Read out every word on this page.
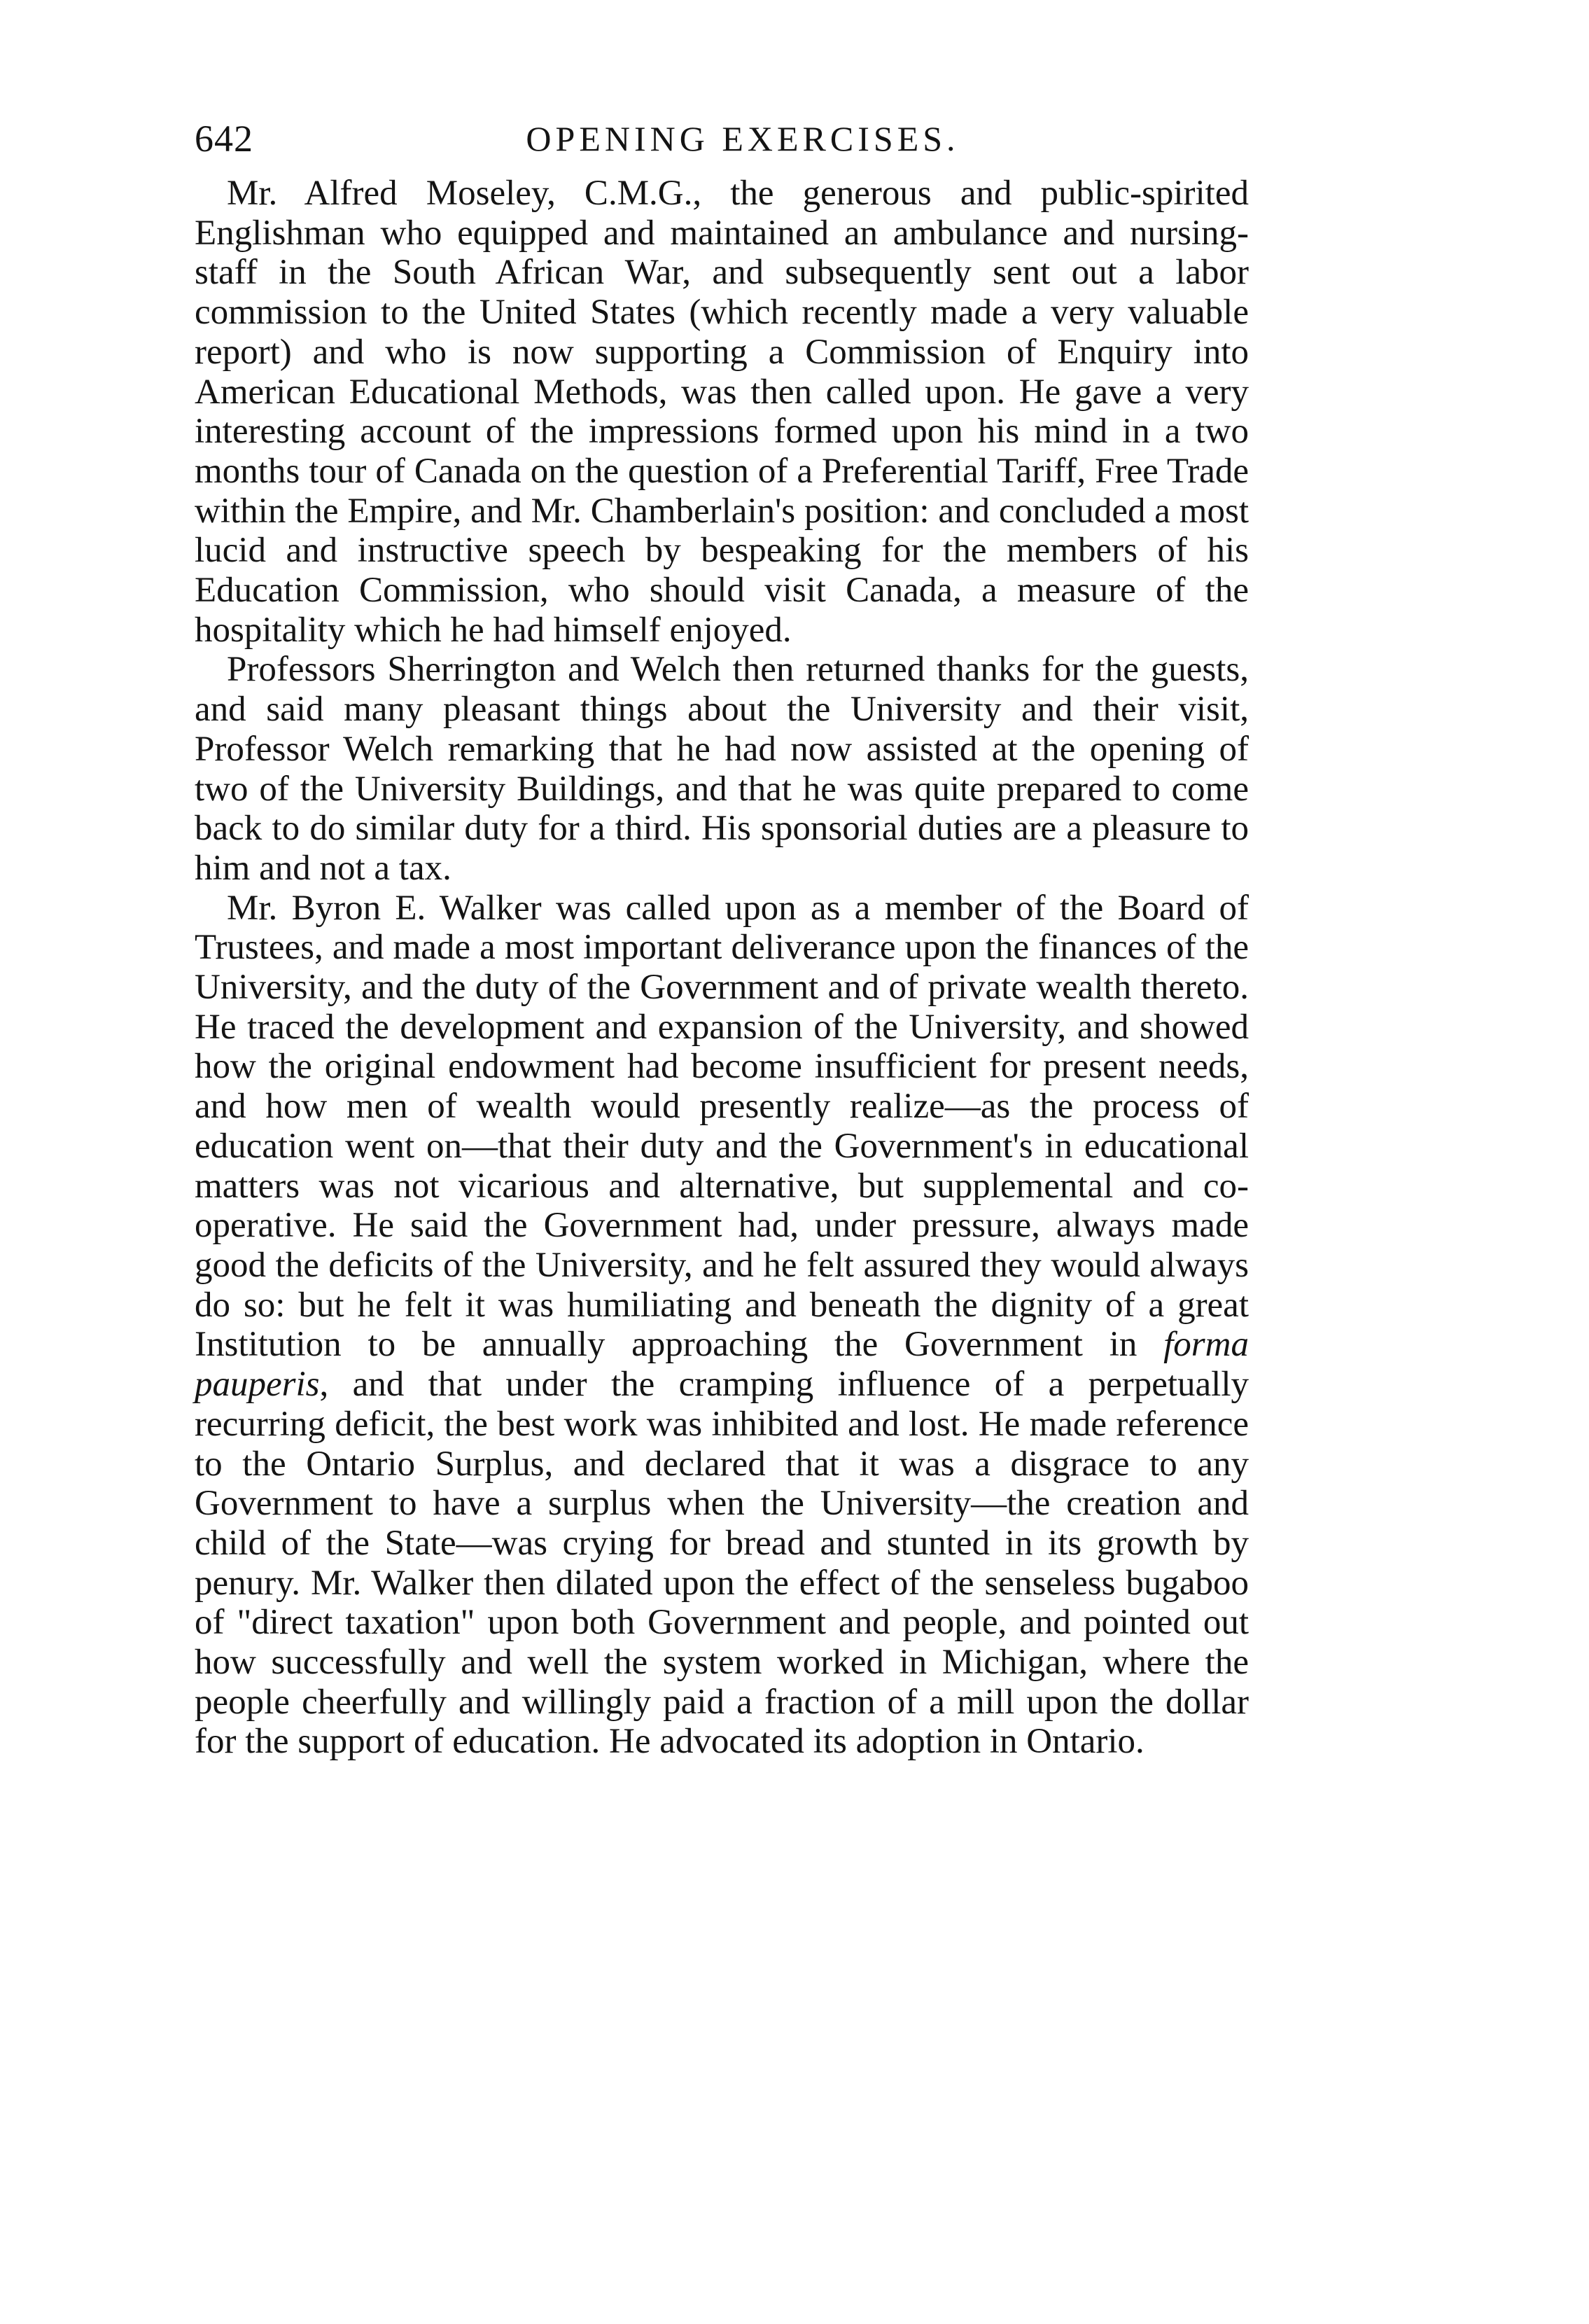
642	OPENING EXERCISES.

Mr. Alfred Moseley, C.M.G., the generous and public-spirited Englishman who equipped and maintained an ambulance and nursing-staff in the South African War, and subsequently sent out a labor commission to the United States (which recently made a very valuable report) and who is now supporting a Commission of Enquiry into American Educational Methods, was then called upon. He gave a very interesting account of the impressions formed upon his mind in a two months tour of Canada on the question of a Preferential Tariff, Free Trade within the Empire, and Mr. Chamberlain's position: and concluded a most lucid and instructive speech by bespeaking for the members of his Education Commission, who should visit Canada, a measure of the hospitality which he had himself enjoyed.

Professors Sherrington and Welch then returned thanks for the guests, and said many pleasant things about the University and their visit, Professor Welch remarking that he had now assisted at the opening of two of the University Buildings, and that he was quite prepared to come back to do similar duty for a third. His sponsorial duties are a pleasure to him and not a tax.

Mr. Byron E. Walker was called upon as a member of the Board of Trustees, and made a most important deliverance upon the finances of the University, and the duty of the Government and of private wealth thereto. He traced the development and expansion of the University, and showed how the original endowment had become insufficient for present needs, and how men of wealth would presently realize—as the process of education went on—that their duty and the Government's in educational matters was not vicarious and alternative, but supplemental and co-operative. He said the Government had, under pressure, always made good the deficits of the University, and he felt assured they would always do so: but he felt it was humiliating and beneath the dignity of a great Institution to be annually approaching the Government in forma pauperis, and that under the cramping influence of a perpetually recurring deficit, the best work was inhibited and lost. He made reference to the Ontario Surplus, and declared that it was a disgrace to any Government to have a surplus when the University—the creation and child of the State—was crying for bread and stunted in its growth by penury. Mr. Walker then dilated upon the effect of the senseless bugaboo of "direct taxation" upon both Government and people, and pointed out how successfully and well the system worked in Michigan, where the people cheerfully and willingly paid a fraction of a mill upon the dollar for the support of education. He advocated its adoption in Ontario.
